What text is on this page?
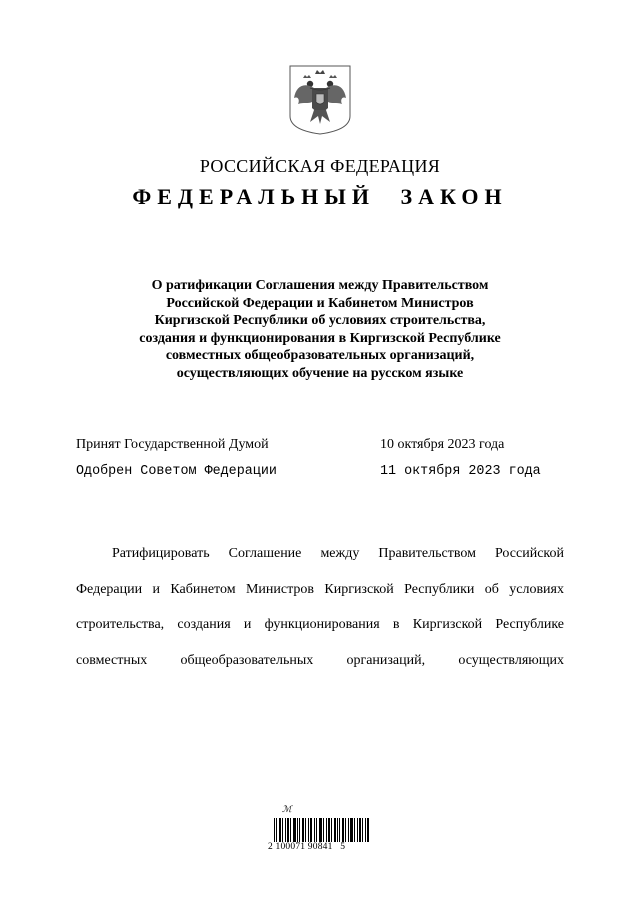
РОССИЙСКАЯ ФЕДЕРАЦИЯ
ФЕДЕРАЛЬНЫЙ ЗАКОН
О ратификации Соглашения между Правительством
Российской Федерации и Кабинетом Министров
Киргизской Республики об условиях строительства,
создания и функционирования в Киргизской Республике
совместных общеобразовательных организаций,
осуществляющих обучение на русском языке
Принят Государственной Думой	10 октября 2023 года
Одобрен Советом Федерации	11 октября 2023 года
Ратифицировать Соглашение между Правительством Российской
Федерации и Кабинетом Министров Киргизской Республики об условиях
строительства, создания и функционирования в Киргизской Республике
совместных общеобразовательных организаций, осуществляющих
ℳ
2 100071 90841   5
